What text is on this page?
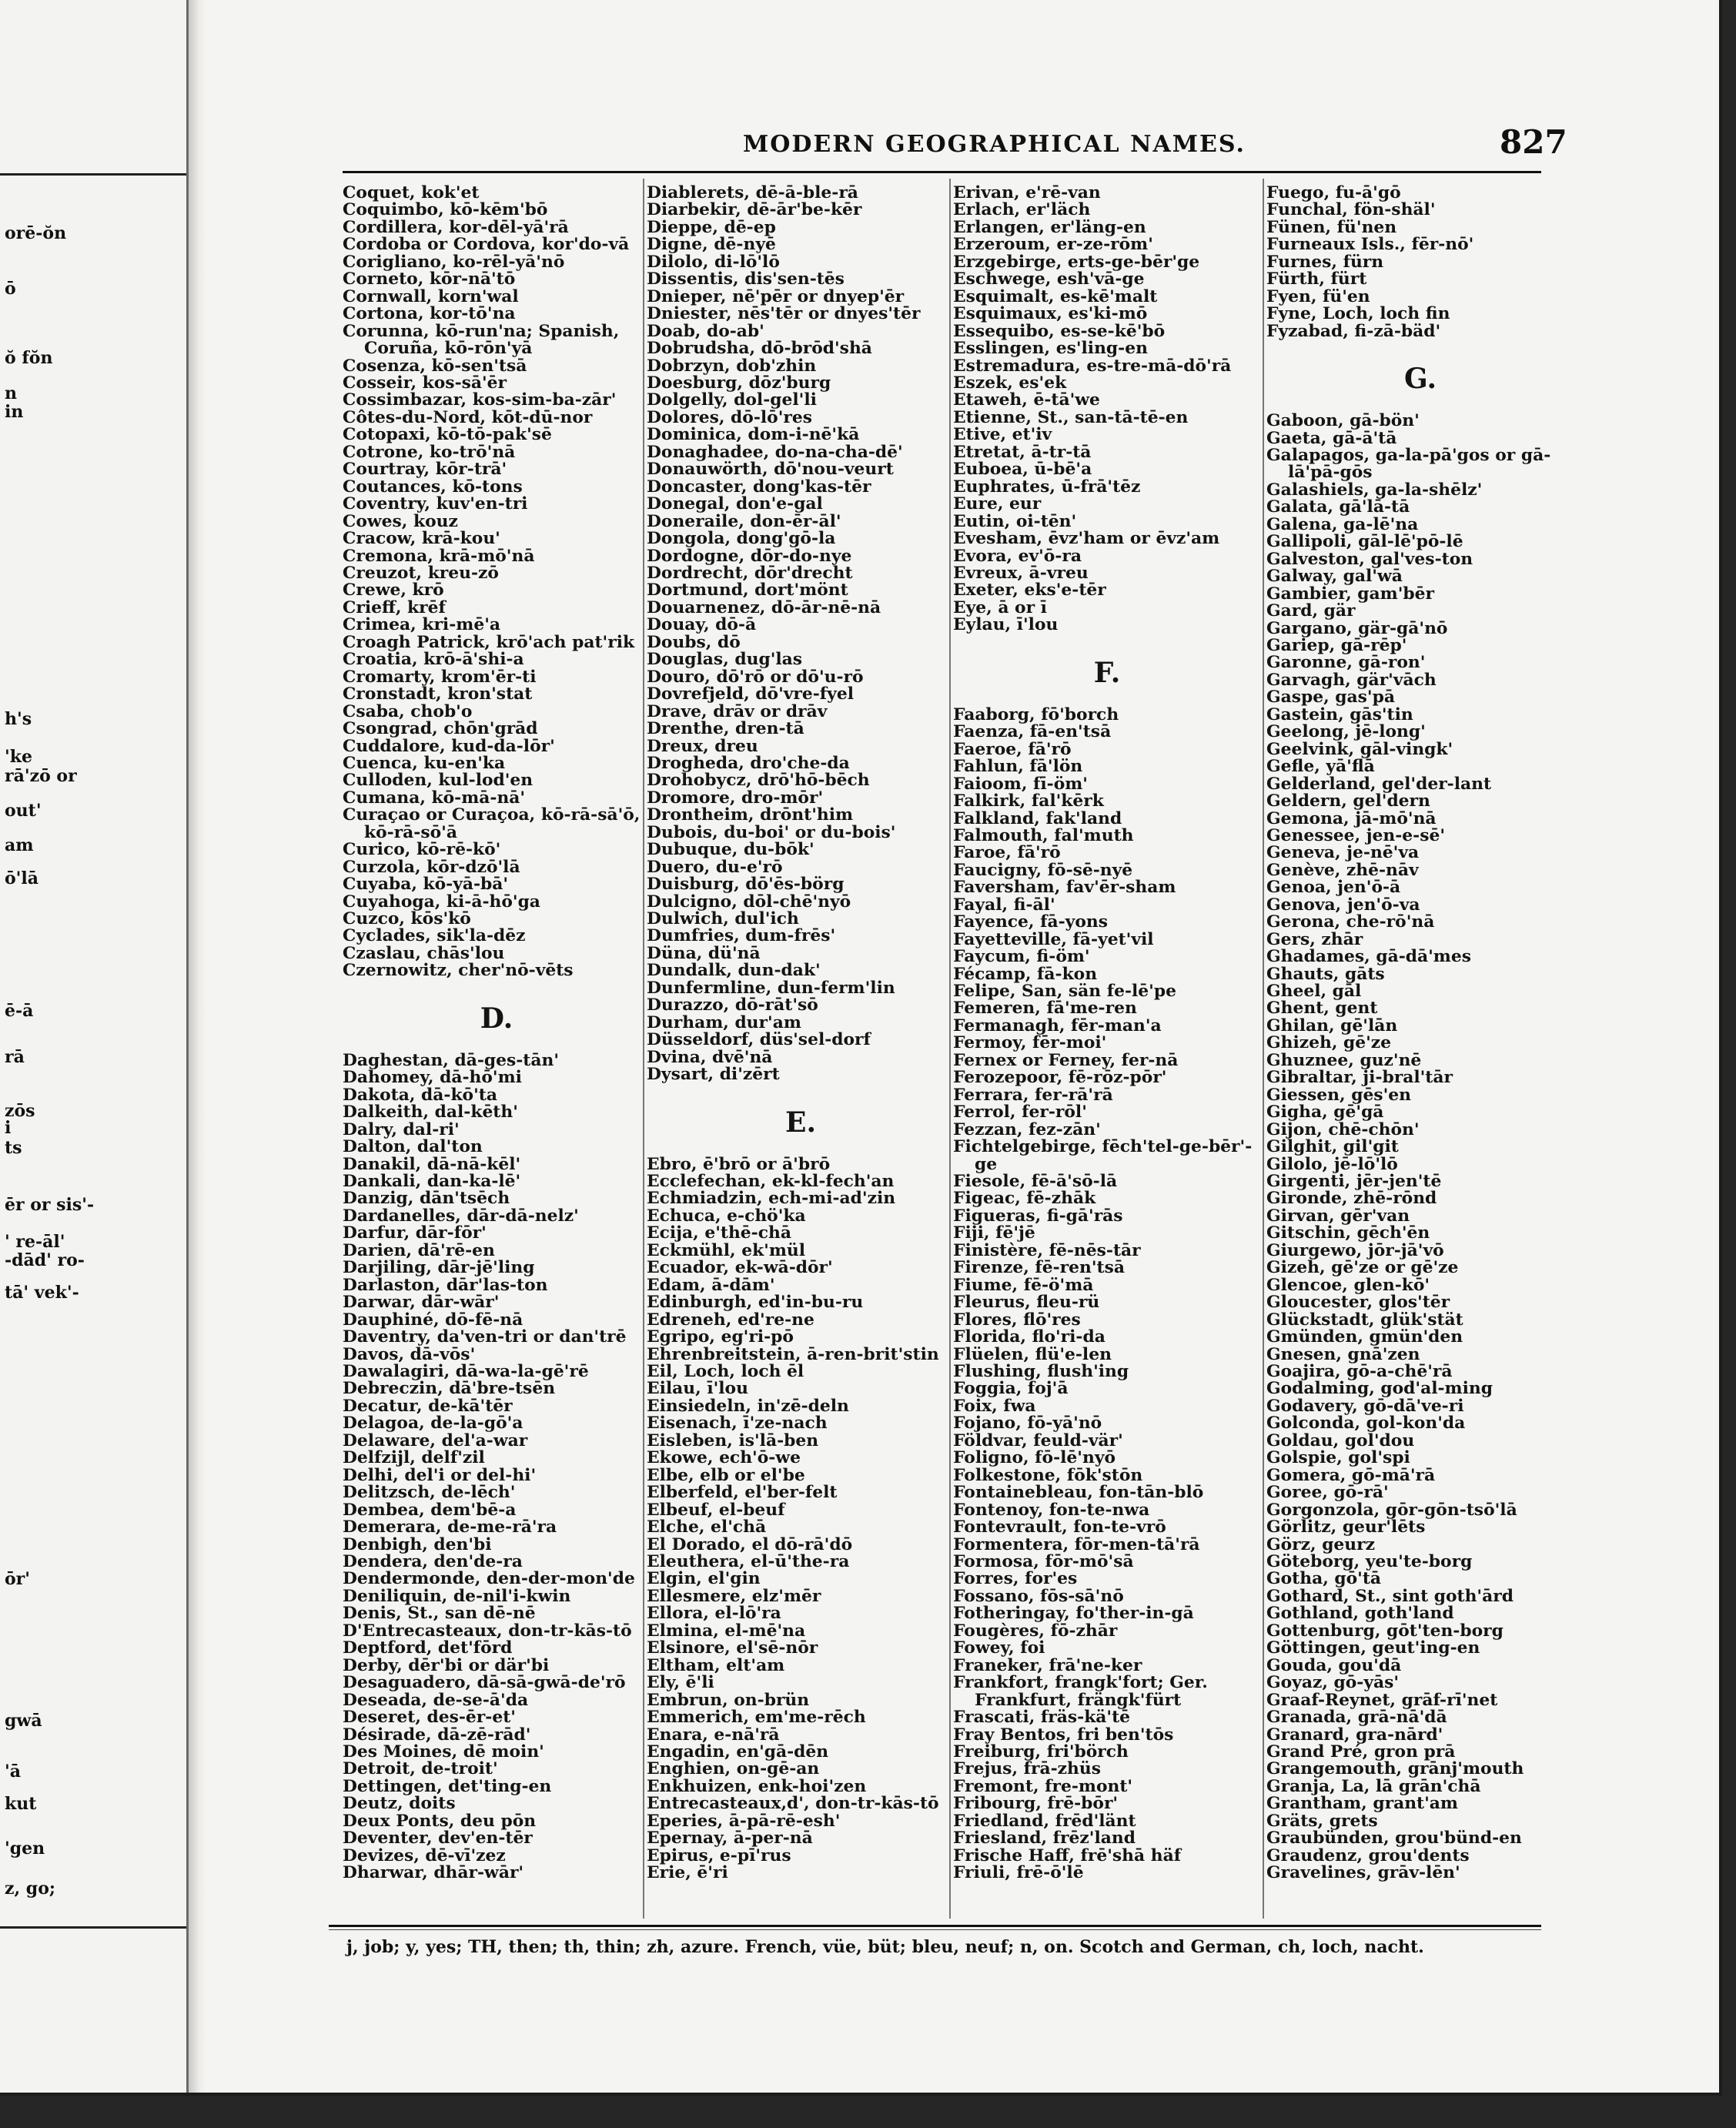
orē-ŏn
ō
ŏ fŏn
n
in
h's
'ke
rā'zō or
out'
am
ō'lā
ē-ā
rā
zōs
i
ts
ēr or sis'-
' re-āl'
-dād' ro-
tā' vek'-
ōr'
gwā
'ā
kut
'gen
z, go;
MODERN GEOGRAPHICAL NAMES.	827
Coquet, kok'et
Coquimbo, kō-kēm'bō
Cordillera, kor-dēl-yā'rā
Cordoba or Cordova, kor'do-vā
Corigliano, ko-rēl-yā'nō
Corneto, kōr-nā'tō
Cornwall, korn'wal
Cortona, kor-tō'na
Corunna, kō-run'na; Spanish,
Coruña, kō-rōn'yā
Cosenza, kō-sen'tsā
Cosseir, kos-sā'ēr
Cossimbazar, kos-sim-ba-zār'
Côtes-du-Nord, kōt-dū-nor
Cotopaxi, kō-tō-pak'sē
Cotrone, ko-trō'nā
Courtray, kōr-trā'
Coutances, kō-tons
Coventry, kuv'en-tri
Cowes, kouz
Cracow, krā-kou'
Cremona, krā-mō'nā
Creuzot, kreu-zō
Crewe, krō
Crieff, krēf
Crimea, kri-mē'a
Croagh Patrick, krō'ach pat'rik
Croatia, krō-ā'shi-a
Cromarty, krom'ēr-ti
Cronstadt, kron'stat
Csaba, chob'o
Csongrad, chōn'grād
Cuddalore, kud-da-lōr'
Cuenca, ku-en'ka
Culloden, kul-lod'en
Cumana, kō-mā-nā'
Curaçao or Curaçoa, kō-rā-sā'ō,
kō-rā-sō'ā
Curico, kō-rē-kō'
Curzola, kōr-dzō'lā
Cuyaba, kō-yā-bā'
Cuyahoga, ki-ā-hō'ga
Cuzco, kōs'kō
Cyclades, sik'la-dēz
Czaslau, chās'lou
Czernowitz, cher'nō-vēts
D.
Daghestan, dā-ges-tān'
Dahomey, dā-hō'mi
Dakota, dā-kō'ta
Dalkeith, dal-kēth'
Dalry, dal-ri'
Dalton, dal'ton
Danakil, dā-nā-kēl'
Dankali, dan-ka-lē'
Danzig, dān'tsēch
Dardanelles, dār-dā-nelz'
Darfur, dār-fōr'
Darien, dā'rē-en
Darjiling, dār-jē'ling
Darlaston, dār'las-ton
Darwar, dār-wār'
Dauphiné, dō-fē-nā
Daventry, da'ven-tri or dan'trē
Davos, dā-vōs'
Dawalagiri, dā-wa-la-gē'rē
Debreczin, dā'bre-tsēn
Decatur, de-kā'tēr
Delagoa, de-la-gō'a
Delaware, del'a-war
Delfzijl, delf'zil
Delhi, del'i or del-hi'
Delitzsch, de-lēch'
Dembea, dem'bē-a
Demerara, de-me-rā'ra
Denbigh, den'bi
Dendera, den'de-ra
Dendermonde, den-der-mon'de
Deniliquin, de-nil'i-kwin
Denis, St., san dē-nē
D'Entrecasteaux, don-tr-kās-tō
Deptford, det'fōrd
Derby, dēr'bi or där'bi
Desaguadero, dā-sā-gwā-de'rō
Deseada, de-se-ā'da
Deseret, des-ēr-et'
Désirade, dā-zē-rād'
Des Moines, dē moin'
Detroit, de-troit'
Dettingen, det'ting-en
Deutz, doits
Deux Ponts, deu pōn
Deventer, dev'en-tēr
Devizes, dē-vī'zez
Dharwar, dhār-wār'
Diablerets, dē-ā-ble-rā
Diarbekir, dē-ār'be-kēr
Dieppe, dē-ep
Digne, dē-nyē
Dilolo, di-lō'lō
Dissentis, dis'sen-tēs
Dnieper, nē'pēr or dnyep'ēr
Dniester, nēs'tēr or dnyes'tēr
Doab, do-ab'
Dobrudsha, dō-brōd'shā
Dobrzyn, dob'zhin
Doesburg, dōz'burg
Dolgelly, dol-gel'li
Dolores, dō-lō'res
Dominica, dom-i-nē'kā
Donaghadee, do-na-cha-dē'
Donauwörth, dō'nou-veurt
Doncaster, dong'kas-tēr
Donegal, don'e-gal
Doneraile, don-ēr-āl'
Dongola, dong'gō-la
Dordogne, dōr-do-nye
Dordrecht, dōr'drecht
Dortmund, dort'mönt
Douarnenez, dō-ār-nē-nā
Douay, dō-ā
Doubs, dō
Douglas, dug'las
Douro, dō'rō or dō'u-rō
Dovrefjeld, dō'vre-fyel
Drave, drāv or drāv
Drenthe, dren-tā
Dreux, dreu
Drogheda, dro'che-da
Drohobycz, drō'hō-bēch
Dromore, dro-mōr'
Drontheim, drōnt'him
Dubois, du-boi' or du-bois'
Dubuque, du-bōk'
Duero, du-e'rō
Duisburg, dō'ēs-börg
Dulcigno, dōl-chē'nyō
Dulwich, dul'ich
Dumfries, dum-frēs'
Düna, dü'nā
Dundalk, dun-dak'
Dunfermline, dun-ferm'lin
Durazzo, dō-rāt'sō
Durham, dur'am
Düsseldorf, düs'sel-dorf
Dvina, dvē'nā
Dysart, di'zērt
E.
Ebro, ē'brō or ā'brō
Ecclefechan, ek-kl-fech'an
Echmiadzin, ech-mi-ad'zin
Echuca, e-chö'ka
Ecija, e'thē-chā
Eckmühl, ek'mül
Ecuador, ek-wā-dōr'
Edam, ā-dām'
Edinburgh, ed'in-bu-ru
Edreneh, ed're-ne
Egripo, eg'ri-pō
Ehrenbreitstein, ā-ren-brit'stin
Eil, Loch, loch ēl
Eilau, ī'lou
Einsiedeln, in'zē-deln
Eisenach, ī'ze-nach
Eisleben, is'lā-ben
Ekowe, ech'ō-we
Elbe, elb or el'be
Elberfeld, el'ber-felt
Elbeuf, el-beuf
Elche, el'chā
El Dorado, el dō-rā'dō
Eleuthera, el-ū'the-ra
Elgin, el'gin
Ellesmere, elz'mēr
Ellora, el-lō'ra
Elmina, el-mē'na
Elsinore, el'sē-nōr
Eltham, elt'am
Ely, ē'li
Embrun, on-brün
Emmerich, em'me-rēch
Enara, e-nā'rā
Engadin, en'gā-dēn
Enghien, on-gē-an
Enkhuizen, enk-hoi'zen
Entrecasteaux,d', don-tr-kās-tō
Eperies, ā-pā-rē-esh'
Epernay, ā-per-nā
Epirus, e-pī'rus
Erie, ē'ri
Erivan, e'rē-van
Erlach, er'läch
Erlangen, er'läng-en
Erzeroum, er-ze-rōm'
Erzgebirge, erts-ge-bēr'ge
Eschwege, esh'vā-ge
Esquimalt, es-kē'malt
Esquimaux, es'ki-mō
Essequibo, es-se-kē'bō
Esslingen, es'ling-en
Estremadura, es-tre-mā-dō'rā
Eszek, es'ek
Etaweh, ē-tā'we
Etienne, St., san-tā-tē-en
Etive, et'iv
Etretat, ā-tr-tā
Euboea, ū-bē'a
Euphrates, ū-frā'tēz
Eure, eur
Eutin, oi-tēn'
Evesham, ēvz'ham or ēvz'am
Evora, ev'ō-ra
Evreux, ā-vreu
Exeter, eks'e-tēr
Eye, ā or ī
Eylau, ī'lou
F.
Faaborg, fō'borch
Faenza, fā-en'tsā
Faeroe, fā'rō
Fahlun, fā'lön
Faioom, fī-öm'
Falkirk, fal'kērk
Falkland, fak'land
Falmouth, fal'muth
Faroe, fā'rō
Faucigny, fō-sē-nyē
Faversham, fav'ēr-sham
Fayal, fi-āl'
Fayence, fā-yons
Fayetteville, fā-yet'vil
Faycum, fi-öm'
Fécamp, fā-kon
Felipe, San, sän fe-lē'pe
Femeren, fā'me-ren
Fermanagh, fēr-man'a
Fermoy, fēr-moi'
Fernex or Ferney, fer-nā
Ferozepoor, fē-rōz-pōr'
Ferrara, fer-rā'rā
Ferrol, fer-rōl'
Fezzan, fez-zān'
Fichtelgebirge, fēch'tel-ge-bēr'-
ge
Fiesole, fē-ā'sō-lā
Figeac, fē-zhāk
Figueras, fi-gā'rās
Fiji, fē'jē
Finistère, fē-nēs-tār
Firenze, fē-ren'tsā
Fiume, fē-ö'mā
Fleurus, fleu-rü
Flores, flō'res
Florida, flo'ri-da
Flüelen, flü'e-len
Flushing, flush'ing
Foggia, foj'ā
Foix, fwa
Fojano, fō-yā'nō
Földvar, feuld-vär'
Foligno, fō-lē'nyō
Folkestone, fōk'stōn
Fontainebleau, fon-tān-blō
Fontenoy, fon-te-nwa
Fontevrault, fon-te-vrō
Formentera, fōr-men-tā'rā
Formosa, fōr-mō'sā
Forres, for'es
Fossano, fōs-sā'nō
Fotheringay, fo'ther-in-gā
Fougères, fō-zhār
Fowey, foi
Franeker, frā'ne-ker
Frankfort, frangk'fort; Ger.
Frankfurt, frängk'fürt
Frascati, fräs-kä'tē
Fray Bentos, fri ben'tōs
Freiburg, fri'börch
Frejus, frā-zhüs
Fremont, fre-mont'
Fribourg, frē-bōr'
Friedland, frēd'länt
Friesland, frēz'land
Frische Haff, frē'shā häf
Friuli, frē-ō'lē
Fuego, fu-ā'gō
Funchal, fön-shäl'
Fünen, fü'nen
Furneaux Isls., fēr-nō'
Furnes, fürn
Fürth, fürt
Fyen, fü'en
Fyne, Loch, loch fin
Fyzabad, fi-zā-bäd'
G.
Gaboon, gā-bön'
Gaeta, gā-ā'tā
Galapagos, ga-la-pā'gos or gā-
lā'pā-gōs
Galashiels, ga-la-shēlz'
Galata, gā'lā-tā
Galena, ga-lē'na
Gallipoli, gāl-lē'pō-lē
Galveston, gal'ves-ton
Galway, gal'wā
Gambier, gam'bēr
Gard, gär
Gargano, gär-gā'nō
Gariep, gā-rēp'
Garonne, gā-ron'
Garvagh, gär'vāch
Gaspe, gas'pā
Gastein, gās'tin
Geelong, jē-long'
Geelvink, gāl-vingk'
Gefle, yā'flā
Gelderland, gel'der-lant
Geldern, gel'dern
Gemona, jā-mō'nā
Genessee, jen-e-sē'
Geneva, je-nē'va
Genève, zhē-nāv
Genoa, jen'ō-ā
Genova, jen'ō-va
Gerona, che-rō'nā
Gers, zhār
Ghadames, gā-dā'mes
Ghauts, gāts
Gheel, gāl
Ghent, gent
Ghilan, gē'lān
Ghizeh, gē'ze
Ghuznee, guz'nē
Gibraltar, ji-bral'tār
Giessen, gēs'en
Gigha, gē'gā
Gijon, chē-chōn'
Gilghit, gil'git
Gilolo, jē-lō'lō
Girgenti, jēr-jen'tē
Gironde, zhē-rōnd
Girvan, gēr'van
Gitschin, gēch'ēn
Giurgewo, jōr-jā'vō
Gizeh, gē'ze or gē'ze
Glencoe, glen-kō'
Gloucester, glos'tēr
Glückstadt, glük'stät
Gmünden, gmün'den
Gnesen, gnā'zen
Goajira, gō-a-chē'rā
Godalming, god'al-ming
Godavery, gō-dā've-ri
Golconda, gol-kon'da
Goldau, gol'dou
Golspie, gol'spi
Gomera, gō-mā'rā
Goree, gō-rā'
Gorgonzola, gōr-gōn-tsō'lā
Görlitz, geur'lēts
Görz, geurz
Göteborg, yeu'te-borg
Gotha, gō'tā
Gothard, St., sint goth'ārd
Gothland, goth'land
Gottenburg, gōt'ten-borg
Göttingen, geut'ing-en
Gouda, gou'dā
Goyaz, gō-yās'
Graaf-Reynet, grāf-rī'net
Granada, grā-nā'dā
Granard, gra-nārd'
Grand Pré, gron prā
Grangemouth, grānj'mouth
Granja, La, lā grān'chā
Grantham, grant'am
Gräts, grets
Graubünden, grou'bünd-en
Graudenz, grou'dents
Gravelines, grāv-lēn'
j, job; y, yes; TH, then; th, thin; zh, azure. French, vüe, büt; bleu, neuf; n, on. Scotch and German, ch, loch, nacht.
